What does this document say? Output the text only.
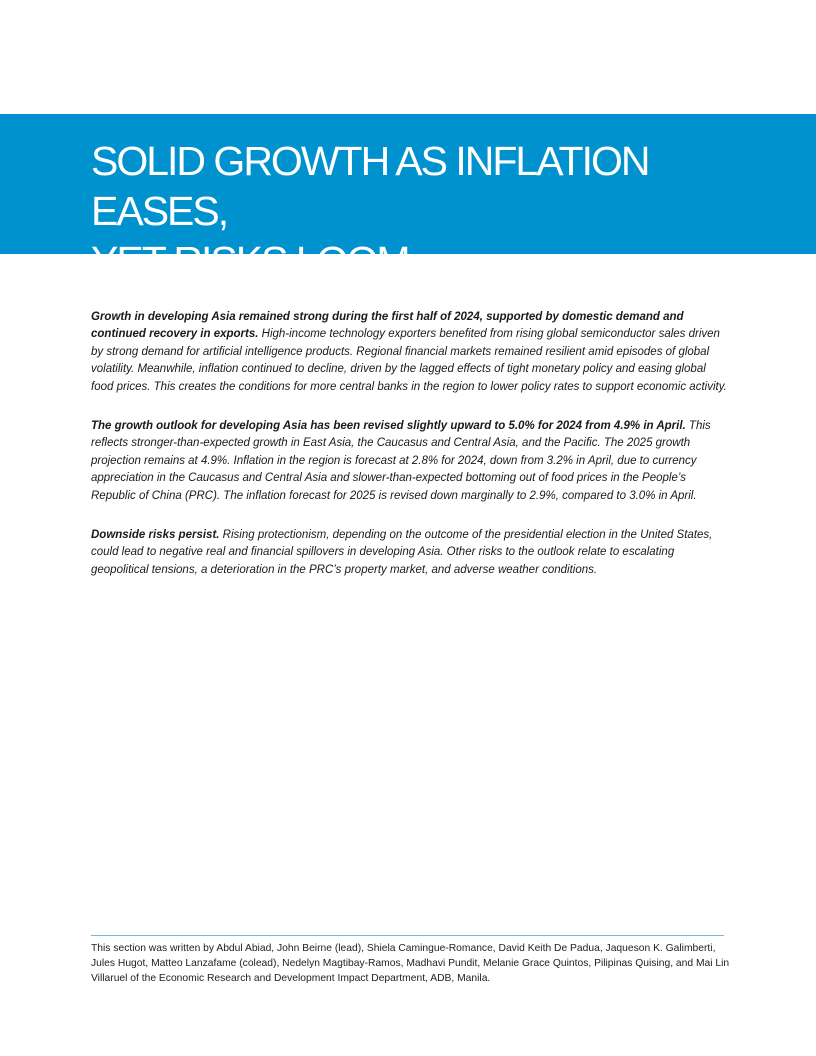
SOLID GROWTH AS INFLATION EASES,
YET RISKS LOOM

Growth in developing Asia remained strong during the first half of 2024, supported by domestic demand and continued recovery in exports. High-income technology exporters benefited from rising global semiconductor sales driven by strong demand for artificial intelligence products. Regional financial markets remained resilient amid episodes of global volatility. Meanwhile, inflation continued to decline, driven by the lagged effects of tight monetary policy and easing global food prices. This creates the conditions for more central banks in the region to lower policy rates to support economic activity.

The growth outlook for developing Asia has been revised slightly upward to 5.0% for 2024 from 4.9% in April. This reflects stronger-than-expected growth in East Asia, the Caucasus and Central Asia, and the Pacific. The 2025 growth projection remains at 4.9%. Inflation in the region is forecast at 2.8% for 2024, down from 3.2% in April, due to currency appreciation in the Caucasus and Central Asia and slower-than-expected bottoming out of food prices in the People’s Republic of China (PRC). The inflation forecast for 2025 is revised down marginally to 2.9%, compared to 3.0% in April.

Downside risks persist. Rising protectionism, depending on the outcome of the presidential election in the United States, could lead to negative real and financial spillovers in developing Asia. Other risks to the outlook relate to escalating geopolitical tensions, a deterioration in the PRC’s property market, and adverse weather conditions.

This section was written by Abdul Abiad, John Beirne (lead), Shiela Camingue-Romance, David Keith De Padua, Jaqueson K. Galimberti, Jules Hugot, Matteo Lanzafame (colead), Nedelyn Magtibay-Ramos, Madhavi Pundit, Melanie Grace Quintos, Pilipinas Quising, and Mai Lin Villaruel of the Economic Research and Development Impact Department, ADB, Manila.
